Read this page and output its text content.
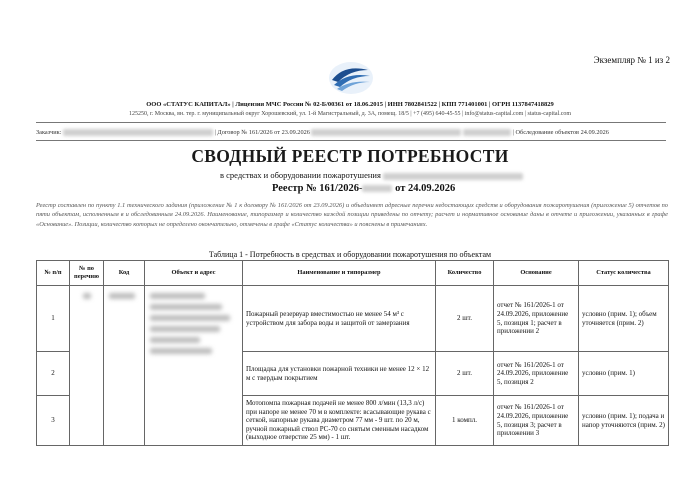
Экземпляр № 1 из 2
ООО «СТАТУС КАПИТАЛ» | Лицензия МЧС России № 02-Б/00361 от 18.06.2015 | ИНН 7802841522 | КПП 771401001 | ОГРН 1137847418829
125250, г. Москва, вн. тер. г. муниципальный округ Хорошевский, ул. 1-й Магистральный, д. 3А, помещ. 18/5 | +7 (495) 640-45-55 | info@status-capital.com | status-capital.com
Заказчик:	| Договор № 161/2026 от 23.09.2026	| Обследование объектов 24.09.2026
СВОДНЫЙ РЕЕСТР ПОТРЕБНОСТИ
в средствах и оборудовании пожаротушения
Реестр № 161/2026-	от 24.09.2026
Реестр составлен по пункту 1.1 технического задания (приложение № 1 к договору № 161/2026 от 23.09.2026) и объединяет адресные перечни недостающих средств и оборудования пожаротушения (приложение 5) отчетов по пяти объектам, исполненным в и обследованным 24.09.2026. Наименование, типоразмер и количество каждой позиции приведены по отчету; расчет и нормативное основание даны в отчете и приложении, указанных в графе «Основание». Позиции, количество которых не определено окончательно, отмечены в графе «Статус количества» и пояснены в примечаниях.
Таблица 1 - Потребность в средствах и оборудовании пожаротушения по объектам
№ п/п	№ по перечню	Код	Объект и адрес	Наименование и типоразмер	Количество	Основание	Статус количества
1				Пожарный резервуар вместимостью не менее 54 м³ с устройством для забора воды и защитой от замерзания	2 шт.	отчет № 161/2026-1 от 24.09.2026, приложение 5, позиция 1; расчет в приложении 2	условно (прим. 1); объем уточняется (прим. 2)
2				Площадка для установки пожарной техники не менее 12 × 12 м с твердым покрытием	2 шт.	отчет № 161/2026-1 от 24.09.2026, приложение 5, позиция 2	условно (прим. 1)
3				Мотопомпа пожарная подачей не менее 800 л/мин (13,3 л/с) при напоре не менее 70 м в комплекте: всасывающие рукава с сеткой, напорные рукава диаметром 77 мм - 9 шт. по 20 м, ручной пожарный ствол РС-70 со снятым сменным насадком (выходное отверстие 25 мм) - 1 шт.	1 компл.	отчет № 161/2026-1 от 24.09.2026, приложение 5, позиция 3; расчет в приложении 3	условно (прим. 1); подача и напор уточняются (прим. 2)
